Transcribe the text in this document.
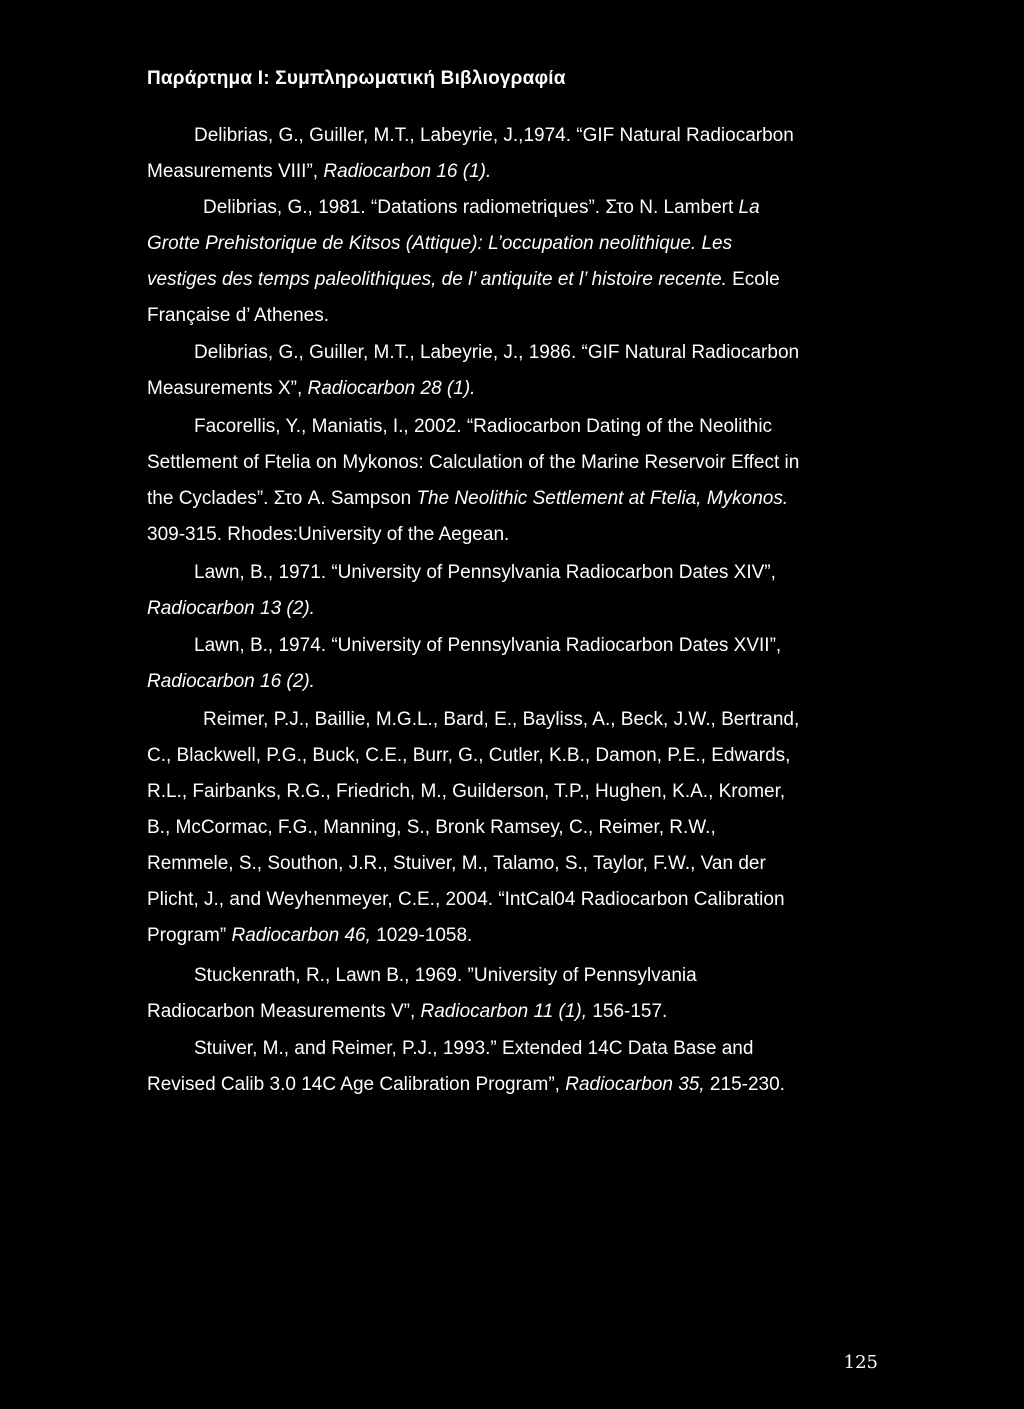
Παράρτημα Ι: Συμπληρωματική Βιβλιογραφία
Delibrias, G., Guiller, M.T., Labeyrie, J.,1974. “GIF Natural Radiocarbon
Measurements VIII”, Radiocarbon 16 (1).
Delibrias, G., 1981. “Datations radiometriques”. Στο N. Lambert La
Grotte Prehistorique de Kitsos (Attique): L’occupation neolithique. Les
vestiges des temps paleolithiques, de l’ antiquite et l’ histoire recente. Ecole
Française d’ Athenes.
Delibrias, G., Guiller, M.T., Labeyrie, J., 1986. “GIF Natural Radiocarbon
Measurements X”, Radiocarbon 28 (1).
Facorellis, Y., Maniatis, I., 2002. “Radiocarbon Dating of the Neolithic
Settlement of Ftelia on Mykonos: Calculation of the Marine Reservoir Effect in
the Cyclades”. Στο A. Sampson The Neolithic Settlement at Ftelia, Mykonos.
309-315. Rhodes:University of the Aegean.
Lawn, B., 1971. “University of Pennsylvania Radiocarbon Dates XIV”,
Radiocarbon 13 (2).
Lawn, B., 1974. “University of Pennsylvania Radiocarbon Dates XVII”,
Radiocarbon 16 (2).
Reimer, P.J., Baillie, M.G.L., Bard, E., Bayliss, A., Beck, J.W., Bertrand,
C., Blackwell, P.G., Buck, C.E., Burr, G., Cutler, K.B., Damon, P.E., Edwards,
R.L., Fairbanks, R.G., Friedrich, M., Guilderson, T.P., Hughen, K.A., Kromer,
B., McCormac, F.G., Manning, S., Bronk Ramsey, C., Reimer, R.W.,
Remmele, S., Southon, J.R., Stuiver, M., Talamo, S., Taylor, F.W., Van der
Plicht, J., and Weyhenmeyer, C.E., 2004. “IntCal04 Radiocarbon Calibration
Program” Radiocarbon 46, 1029-1058.
Stuckenrath, R., Lawn B., 1969. ”University of Pennsylvania
Radiocarbon Measurements V”, Radiocarbon 11 (1), 156-157.
Stuiver, M., and Reimer, P.J., 1993.” Extended 14C Data Base and
Revised Calib 3.0 14C Age Calibration Program”, Radiocarbon 35, 215-230.
125
